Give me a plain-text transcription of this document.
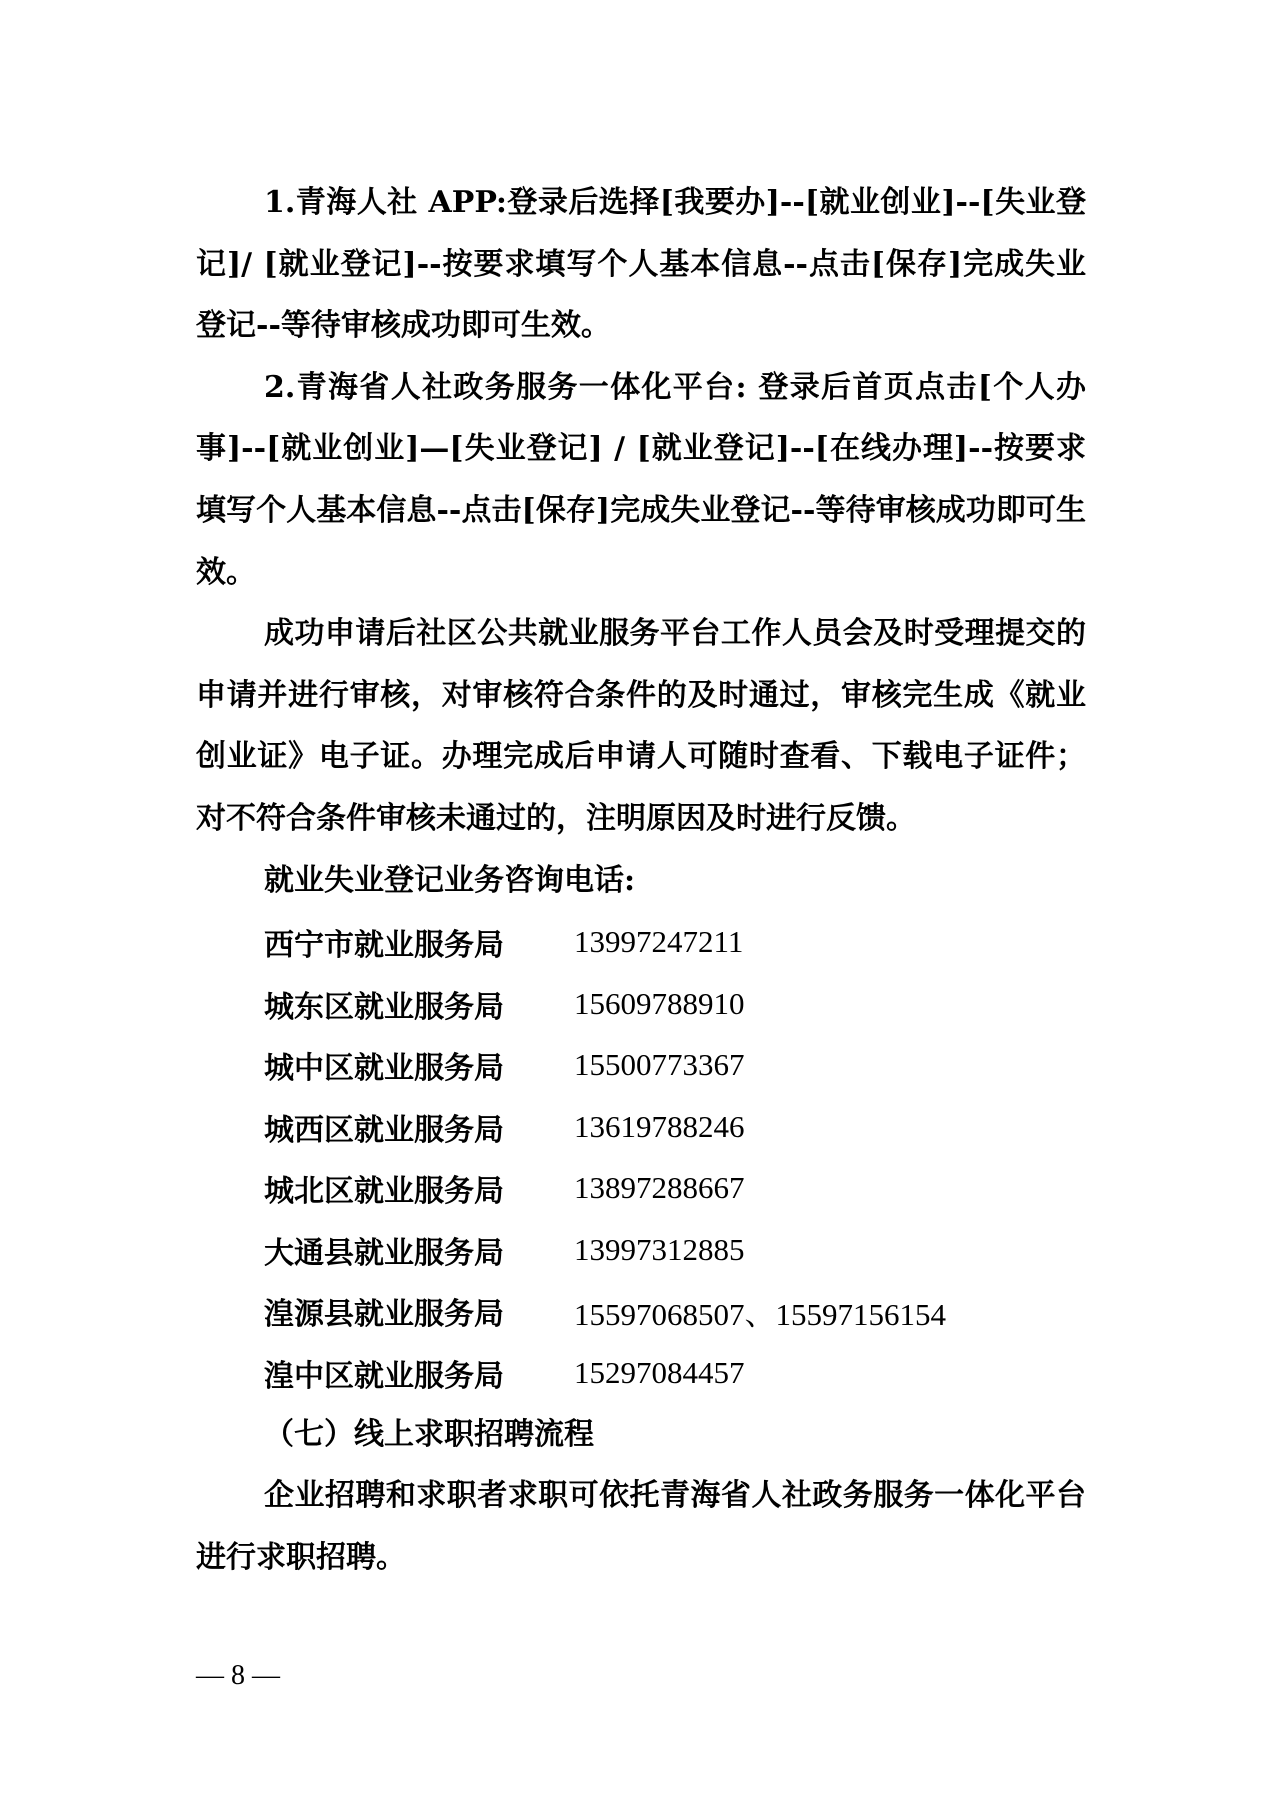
1.青海人社 APP:登录后选择[我要办]--[就业创业]--[失业登记]/ [就业登记]--按要求填写个人基本信息--点击[保存]完成失业登记--等待审核成功即可生效。

2.青海省人社政务服务一体化平台: 登录后首页点击[个人办事]--[就业创业]—[失业登记] / [就业登记]--[在线办理]--按要求填写个人基本信息--点击[保存]完成失业登记--等待审核成功即可生效。

成功申请后社区公共就业服务平台工作人员会及时受理提交的申请并进行审核，对审核符合条件的及时通过，审核完生成《就业创业证》电子证。办理完成后申请人可随时查看、下载电子证件；对不符合条件审核未通过的，注明原因及时进行反馈。

就业失业登记业务咨询电话:
西宁市就业服务局	13997247211
城东区就业服务局	15609788910
城中区就业服务局	15500773367
城西区就业服务局	13619788246
城北区就业服务局	13897288667
大通县就业服务局	13997312885
湟源县就业服务局	15597068507、15597156154
湟中区就业服务局	15297084457
（七）线上求职招聘流程

企业招聘和求职者求职可依托青海省人社政务服务一体化平台进行求职招聘。

— 8 —
